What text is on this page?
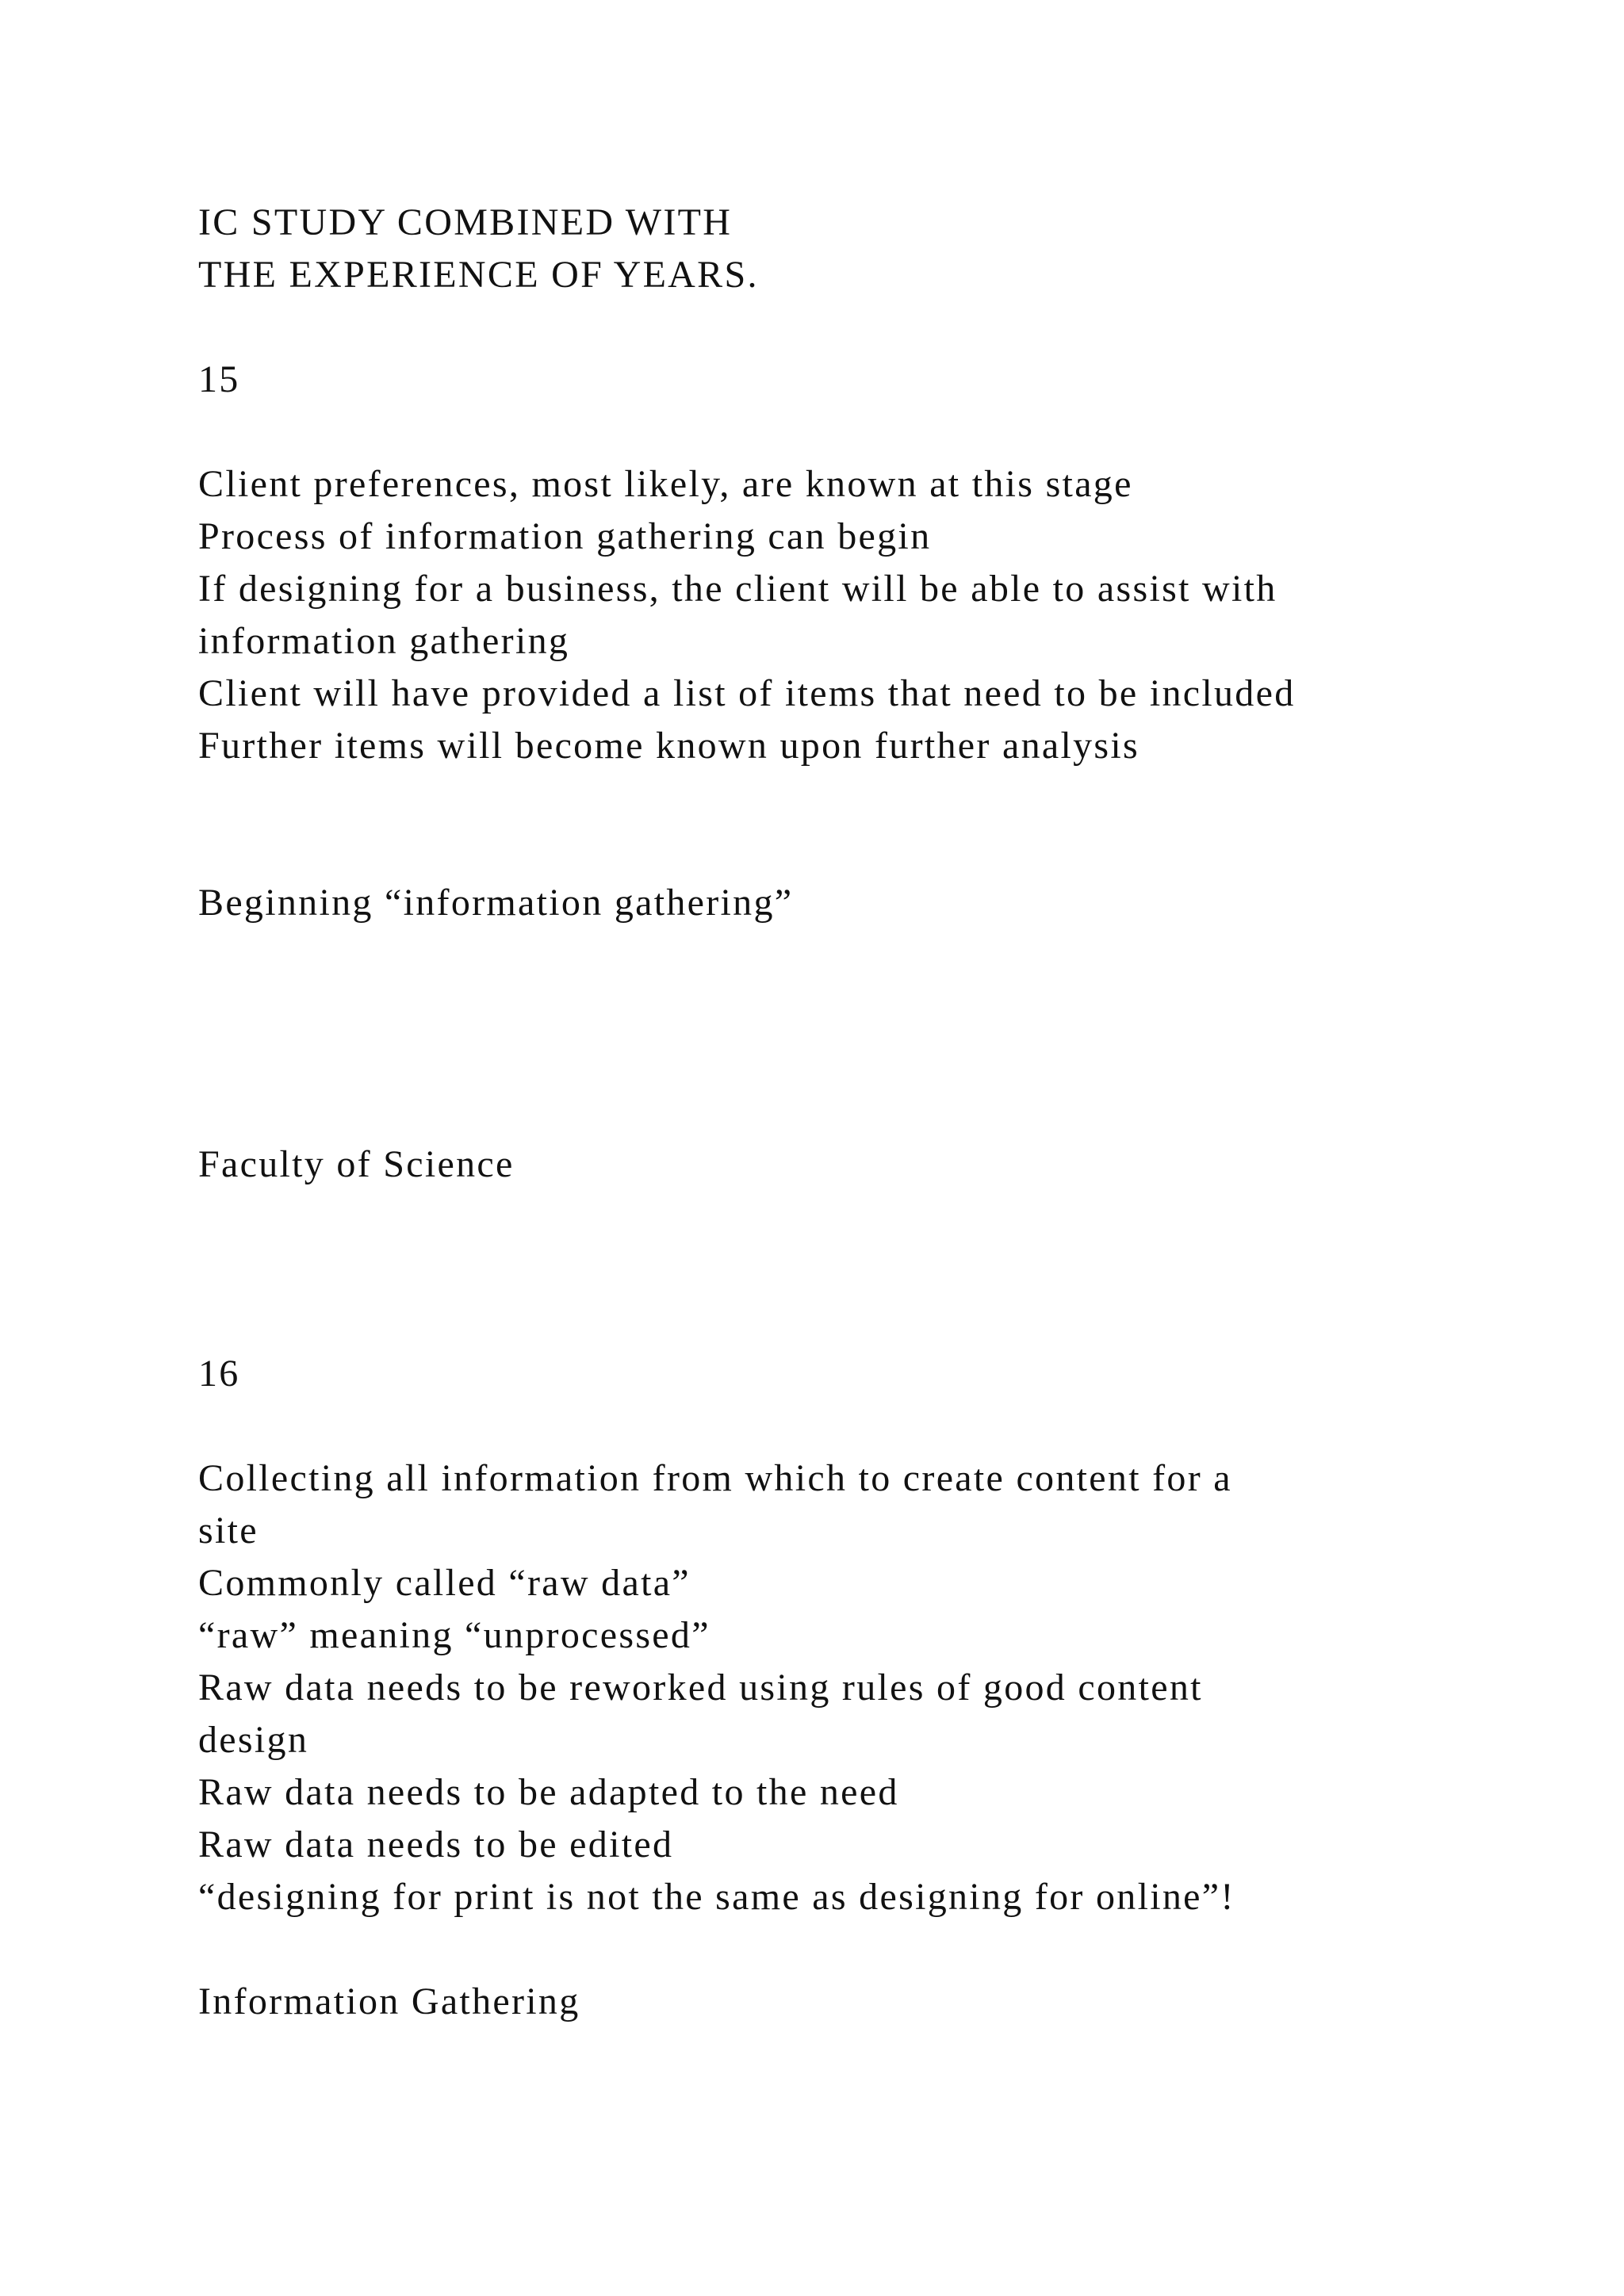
IC STUDY COMBINED WITH

THE EXPERIENCE OF YEARS.

15

Client preferences, most likely, are known at this stage

Process of information gathering can begin

If designing for a business, the client will be able to assist with

information gathering

Client will have provided a list of items that need to be included

Further items will become known upon further analysis

Beginning “information gathering”

Faculty of Science

16

Collecting all information from which to create content for a

site

Commonly called “raw data”

“raw” meaning “unprocessed”

Raw data needs to be reworked using rules of good content

design

Raw data needs to be adapted to the need

Raw data needs to be edited

“designing for print is not the same as designing for online”!

Information Gathering
